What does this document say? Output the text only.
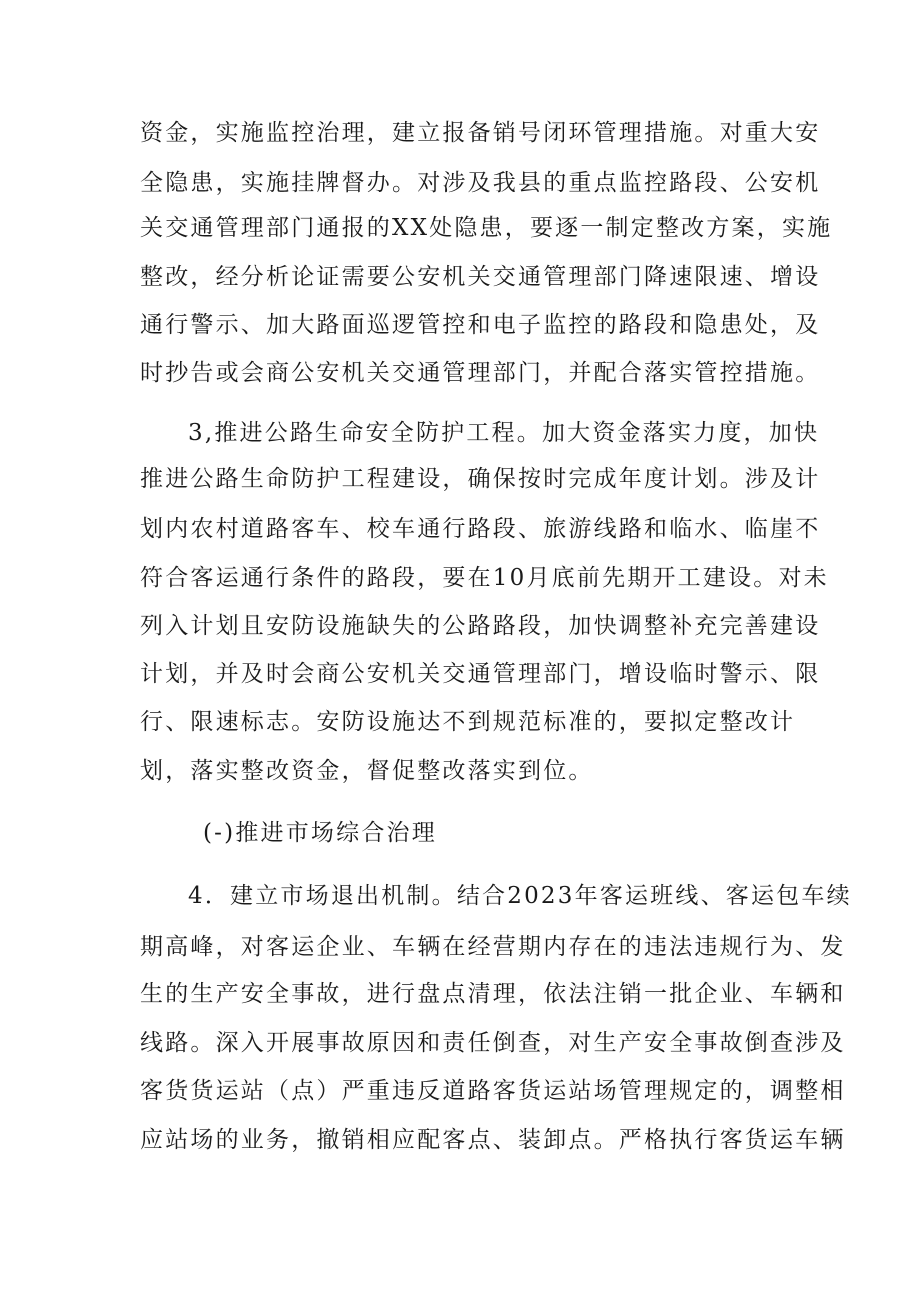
资金，实施监控治理，建立报备销号闭环管理措施。对重大安
全隐患，实施挂牌督办。对涉及我县的重点监控路段、公安机
关交通管理部门通报的XX处隐患，要逐一制定整改方案，实施
整改，经分析论证需要公安机关交通管理部门降速限速、增设
通行警示、加大路面巡逻管控和电子监控的路段和隐患处，及
时抄告或会商公安机关交通管理部门，并配合落实管控措施。
3,推进公路生命安全防护工程。加大资金落实力度，加快
推进公路生命防护工程建设，确保按时完成年度计划。涉及计
划内农村道路客车、校车通行路段、旅游线路和临水、临崖不
符合客运通行条件的路段，要在10月底前先期开工建设。对未
列入计划且安防设施缺失的公路路段，加快调整补充完善建设
计划，并及时会商公安机关交通管理部门，增设临时警示、限
行、限速标志。安防设施达不到规范标准的，要拟定整改计
划，落实整改资金，督促整改落实到位。
(-)推进市场综合治理
4．建立市场退出机制。结合2023年客运班线、客运包车续
期高峰，对客运企业、车辆在经营期内存在的违法违规行为、发
生的生产安全事故，进行盘点清理，依法注销一批企业、车辆和
线路。深入开展事故原因和责任倒查，对生产安全事故倒查涉及
客货货运站（点）严重违反道路客货运站场管理规定的，调整相
应站场的业务，撤销相应配客点、装卸点。严格执行客货运车辆
